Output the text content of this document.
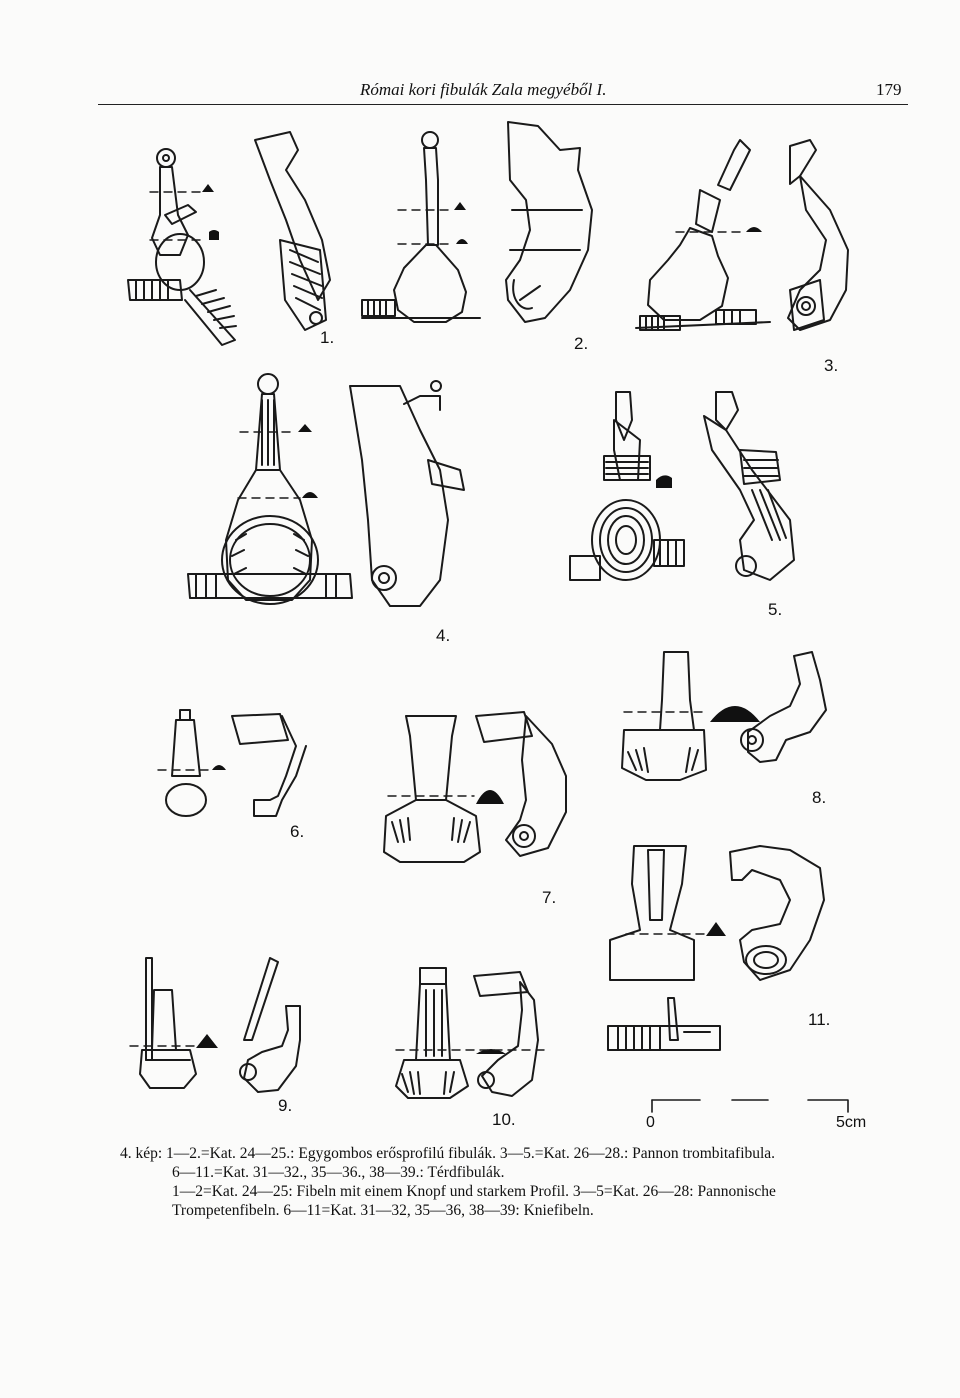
Római kori fibulák Zala megyéből I.	179
1.	2.
3.
4.
5.
6.
7.
8.
9.
10.
11.
0	5cm

4. kép: 1—2.=Kat. 24—25.: Egygombos erősprofilú fibulák. 3—5.=Kat. 26—28.: Pannon trombitafibula.

6—11.=Kat. 31—32., 35—36., 38—39.: Térdfibulák.

1—2=Kat. 24—25: Fibeln mit einem Knopf und starkem Profil. 3—5=Kat. 26—28: Pannonische

Trompetenfibeln. 6—11=Kat. 31—32, 35—36, 38—39: Kniefibeln.
